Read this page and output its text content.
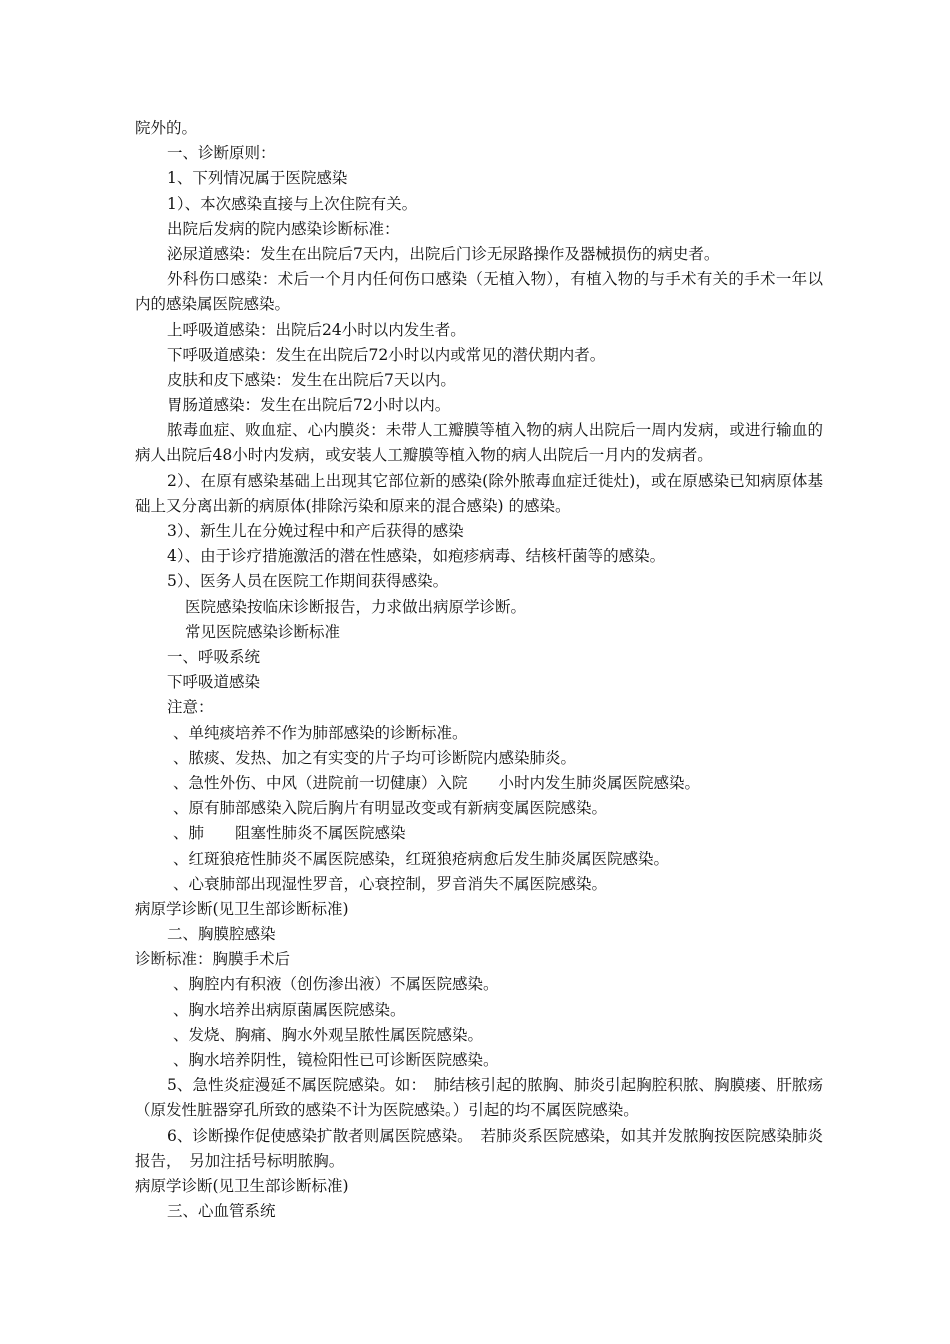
院外的。
一、诊断原则：
1、下列情况属于医院感染
1）、本次感染直接与上次住院有关。
出院后发病的院内感染诊断标准：
泌尿道感染：发生在出院后7天内，出院后门诊无尿路操作及器械损伤的病史者。
外科伤口感染：术后一个月内任何伤口感染（无植入物），有植入物的与手术有关的手术一年以内的感染属医院感染。
上呼吸道感染：出院后24小时以内发生者。
下呼吸道感染：发生在出院后72小时以内或常见的潜伏期内者。
皮肤和皮下感染：发生在出院后7天以内。
胃肠道感染：发生在出院后72小时以内。
脓毒血症、败血症、心内膜炎：未带人工瓣膜等植入物的病人出院后一周内发病，或进行输血的病人出院后48小时内发病，或安装人工瓣膜等植入物的病人出院后一月内的发病者。
2）、在原有感染基础上出现其它部位新的感染(除外脓毒血症迁徙灶)，或在原感染已知病原体基础上又分离出新的病原体(排除污染和原来的混合感染) 的感染。
3）、新生儿在分娩过程中和产后获得的感染
4）、由于诊疗措施激活的潜在性感染，如疱疹病毒、结核杆菌等的感染。
5）、医务人员在医院工作期间获得感染。
医院感染按临床诊断报告，力求做出病原学诊断。
常见医院感染诊断标准
一、呼吸系统
下呼吸道感染
注意：
、单纯痰培养不作为肺部感染的诊断标准。
、脓痰、发热、加之有实变的片子均可诊断院内感染肺炎。
、急性外伤、中风（进院前一切健康）入院　　小时内发生肺炎属医院感染。
、原有肺部感染入院后胸片有明显改变或有新病变属医院感染。
、肺　　阻塞性肺炎不属医院感染
、红斑狼疮性肺炎不属医院感染，红斑狼疮病愈后发生肺炎属医院感染。
、心衰肺部出现湿性罗音，心衰控制，罗音消失不属医院感染。
病原学诊断(见卫生部诊断标准)
二、胸膜腔感染
诊断标准：胸膜手术后
、胸腔内有积液（创伤渗出液）不属医院感染。
、胸水培养出病原菌属医院感染。
、发烧、胸痛、胸水外观呈脓性属医院感染。
、胸水培养阴性，镜检阳性已可诊断医院感染。
5、急性炎症漫延不属医院感染。如：　肺结核引起的脓胸、肺炎引起胸腔积脓、胸膜瘘、肝脓疡（原发性脏器穿孔所致的感染不计为医院感染。）引起的均不属医院感染。
6、诊断操作促使感染扩散者则属医院感染。　若肺炎系医院感染，如其并发脓胸按医院感染肺炎报告，　另加注括号标明脓胸。
病原学诊断(见卫生部诊断标准)
三、心血管系统
